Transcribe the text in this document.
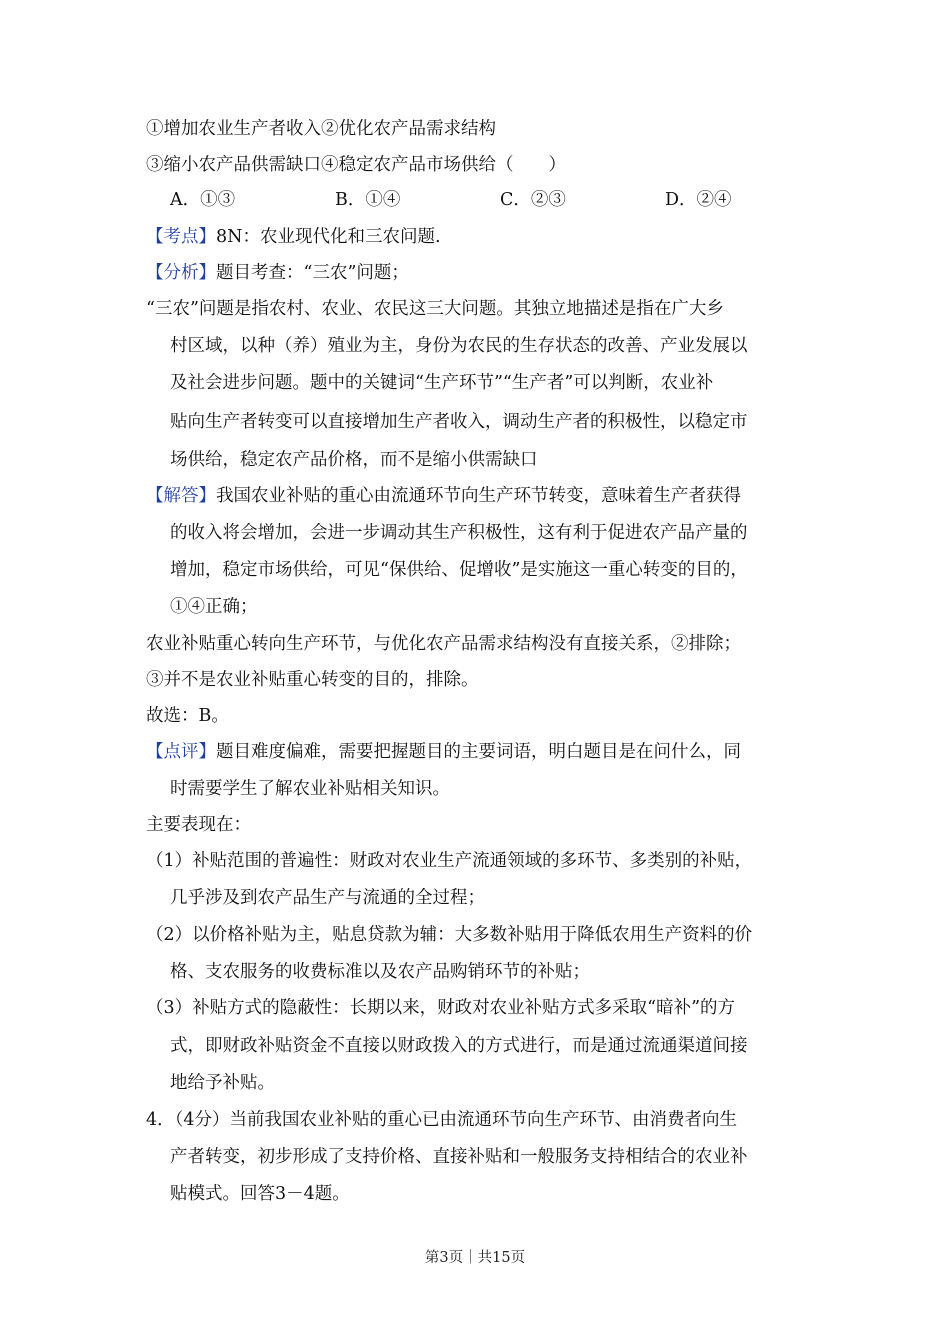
①增加农业生产者收入②优化农产品需求结构
③缩小农产品供需缺口④稳定农产品市场供给（　　）
A．①③	B．①④	C．②③	D．②④
【考点】8N：农业现代化和三农问题.
【分析】题目考查：“三农”问题；
“三农”问题是指农村、农业、农民这三大问题。其独立地描述是指在广大乡
村区域，以种（养）殖业为主，身份为农民的生存状态的改善、产业发展以
及社会进步问题。题中的关键词“生产环节”“生产者”可以判断，农业补
贴向生产者转变可以直接增加生产者收入，调动生产者的积极性，以稳定市
场供给，稳定农产品价格，而不是缩小供需缺口
【解答】我国农业补贴的重心由流通环节向生产环节转变，意味着生产者获得
的收入将会增加，会进一步调动其生产积极性，这有利于促进农产品产量的
增加，稳定市场供给，可见“保供给、促增收”是实施这一重心转变的目的，
①④正确；
农业补贴重心转向生产环节，与优化农产品需求结构没有直接关系，②排除；
③并不是农业补贴重心转变的目的，排除。
故选：B。
【点评】题目难度偏难，需要把握题目的主要词语，明白题目是在问什么，同
时需要学生了解农业补贴相关知识。
主要表现在：
（1）补贴范围的普遍性：财政对农业生产流通领域的多环节、多类别的补贴，
几乎涉及到农产品生产与流通的全过程；
（2）以价格补贴为主，贴息贷款为辅：大多数补贴用于降低农用生产资料的价
格、支农服务的收费标准以及农产品购销环节的补贴；
（3）补贴方式的隐蔽性：长期以来，财政对农业补贴方式多采取“暗补”的方
式，即财政补贴资金不直接以财政拨入的方式进行，而是通过流通渠道间接
地给予补贴。
4．（4分）当前我国农业补贴的重心已由流通环节向生产环节、由消费者向生
产者转变，初步形成了支持价格、直接补贴和一般服务支持相结合的农业补
贴模式。回答3－4题。
第3页｜共15页
